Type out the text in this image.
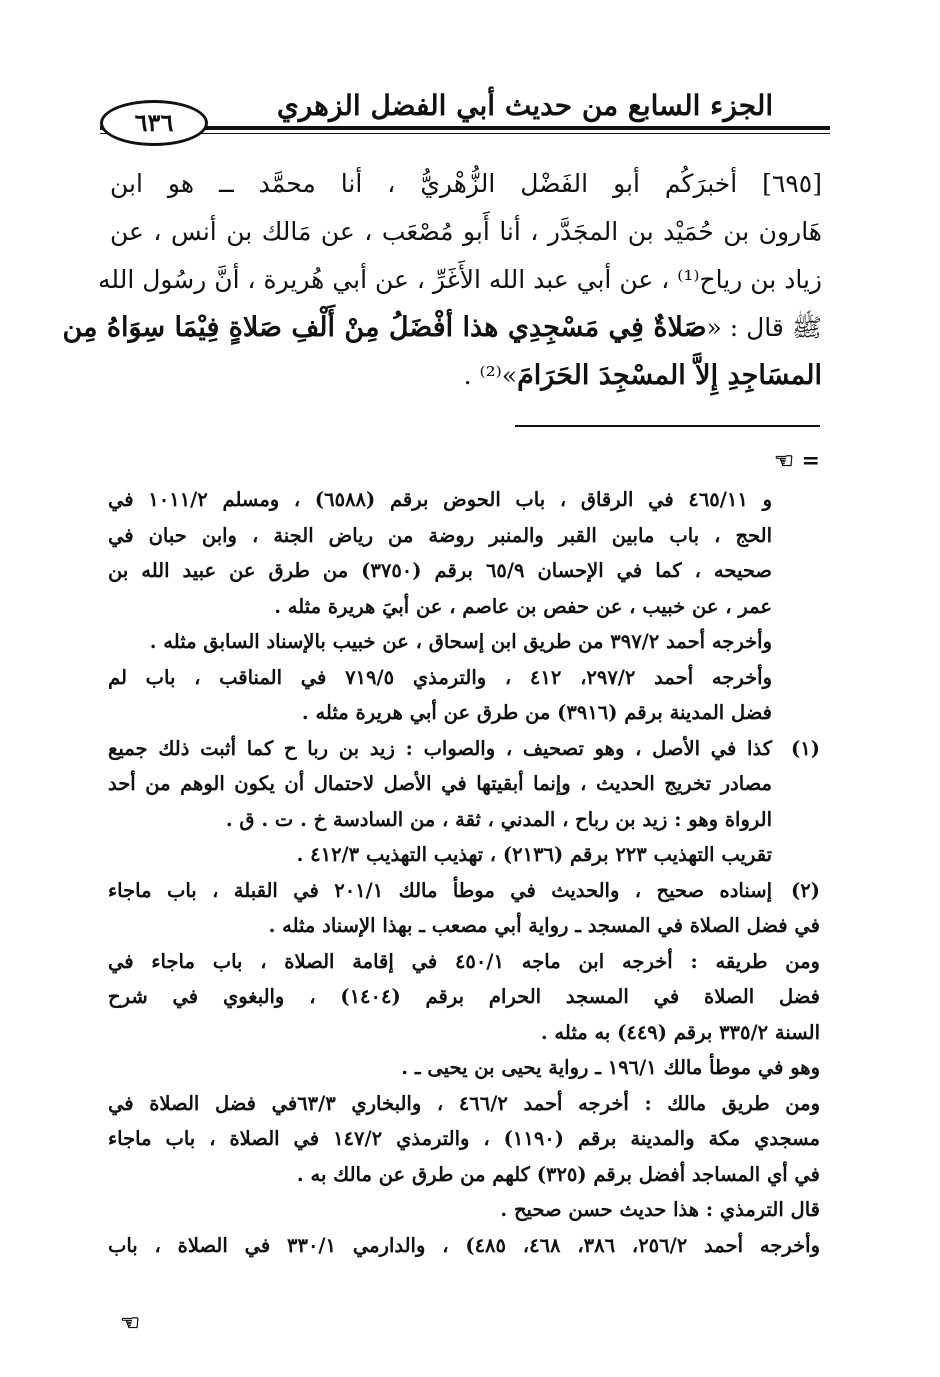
الجزء السابع من حديث أبي الفضل الزهري
٦٣٦
[٦٩٥] أخبرَكُم أبو الفَضْل الزُّهْريُّ ، أنا محمَّد ــ هو ابن
هَارون بن حُمَيْد بن المجَدَّر ، أنا أَبو مُصْعَب ، عن مَالك بن أنس ، عن
زياد بن رياح⁽¹⁾ ، عن أبي عبد الله الأَغَرِّ ، عن أبي هُريرة ، أنَّ رسُول الله
ﷺ قال : «صَلاةٌ فِي مَسْجِدِي هذا أفْضَلُ مِنْ أَلْفِ صَلاةٍ فِيْمَا سِوَاهُ مِن
المسَاجِدِ إِلاَّ المسْجِدَ الحَرَامَ»⁽²⁾ .
= ☜
و ٤٦٥/١١ في الرقاق ، باب الحوض برقم (٦٥٨٨) ، ومسلم ١٠١١/٢ في
الحج ، باب مابين القبر والمنبر روضة من رياض الجنة ، وابن حبان في
صحيحه ، كما في الإحسان ٦٥/٩ برقم (٣٧٥٠) من طرق عن عبيد الله بن
عمر ، عن خبيب ، عن حفص بن عاصم ، عن أبيَ هريرة مثله .
وأخرجه أحمد ٣٩٧/٢ من طريق ابن إسحاق ، عن خبيب بالإسناد السابق مثله .
وأخرجه أحمد ٢٩٧/٢، ٤١٢ ، والترمذي ٧١٩/٥ في المناقب ، باب لم
فضل المدينة برقم (٣٩١٦) من طرق عن أبي هريرة مثله .
(١)
كذا في الأصل ، وهو تصحيف ، والصواب : زيد بن ربا ح كما أثبت ذلك جميع
مصادر تخريج الحديث ، وإنما أبقيتها في الأصل لاحتمال أن يكون الوهم من أحد
الرواة وهو : زيد بن رباح ، المدني ، ثقة ، من السادسة خ . ت . ق .
تقريب التهذيب ٢٢٣ برقم (٢١٣٦) ، تهذيب التهذيب ٤١٢/٣ .
(٢)
إسناده صحيح ، والحديث في موطأ مالك ٢٠١/١ في القبلة ، باب ماجاء
في فضل الصلاة في المسجد ـ رواية أبي مصعب ـ بهذا الإسناد مثله .
ومن طريقه : أخرجه ابن ماجه ٤٥٠/١ في إقامة الصلاة ، باب ماجاء في
فضل الصلاة في المسجد الحرام برقم (١٤٠٤) ، والبغوي في شرح
السنة ٣٣٥/٢ برقم (٤٤٩) به مثله .
وهو في موطأ مالك ١٩٦/١ ـ رواية يحيى بن يحيى ـ .
ومن طريق مالك : أخرجه أحمد ٤٦٦/٢ ، والبخاري ٦٣/٣في فضل الصلاة في
مسجدي مكة والمدينة برقم (١١٩٠) ، والترمذي ١٤٧/٢ في الصلاة ، باب ماجاء
في أي المساجد أفضل برقم (٣٢٥) كلهم من طرق عن مالك به .
قال الترمذي : هذا حديث حسن صحيح .
وأخرجه أحمد ٢٥٦/٢، ٣٨٦، ٤٦٨، ٤٨٥) ، والدارمي ٣٣٠/١ في الصلاة ، باب
☜
